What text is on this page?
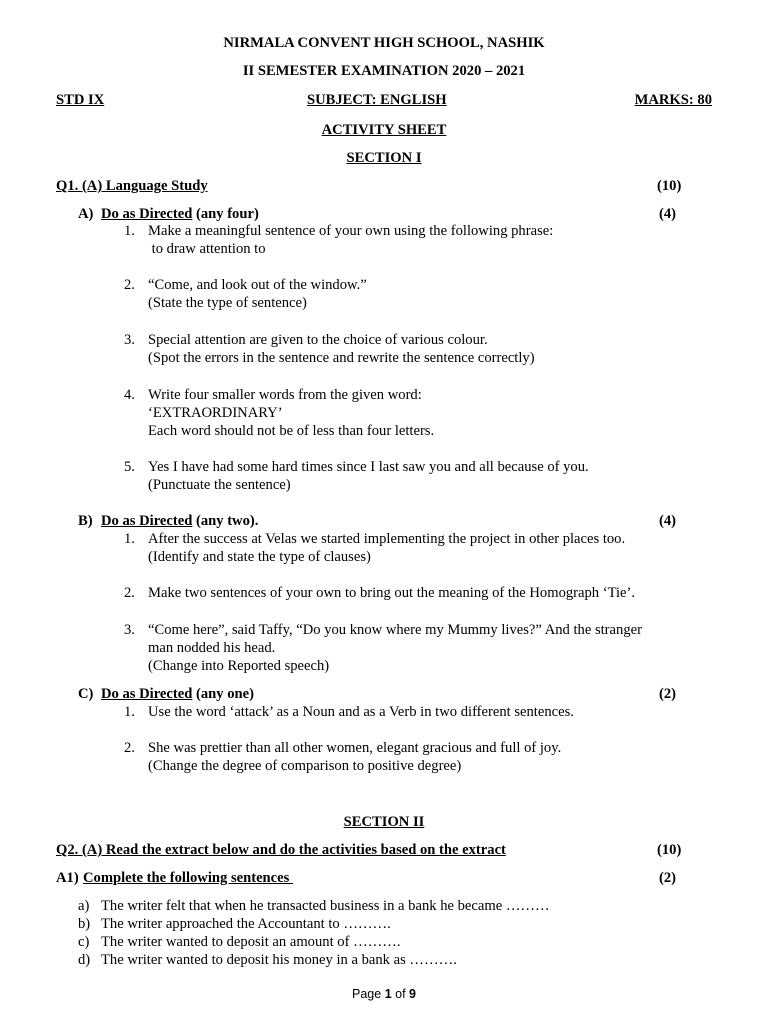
NIRMALA CONVENT HIGH SCHOOL, NASHIK
II SEMESTER EXAMINATION 2020 – 2021
STD IX	SUBJECT: ENGLISH	MARKS: 80
ACTIVITY SHEET
SECTION I
Q1. (A) Language Study	(10)
A) Do as Directed (any four)	(4)
1. Make a meaningful sentence of your own using the following phrase:
to draw attention to
2. “Come, and look out of the window.”
(State the type of sentence)
3. Special attention are given to the choice of various colour.
(Spot the errors in the sentence and rewrite the sentence correctly)
4. Write four smaller words from the given word:
‘EXTRAORDINARY’
Each word should not be of less than four letters.
5. Yes I have had some hard times since I last saw you and all because of you.
(Punctuate the sentence)
B) Do as Directed (any two).	(4)
1. After the success at Velas we started implementing the project in other places too.
(Identify and state the type of clauses)
2. Make two sentences of your own to bring out the meaning of the Homograph ‘Tie’.
3. “Come here”, said Taffy, “Do you know where my Mummy lives?” And the stranger
man nodded his head.
(Change into Reported speech)
C) Do as Directed (any one)	(2)
1. Use the word ‘attack’ as a Noun and as a Verb in two different sentences.
2. She was prettier than all other women, elegant gracious and full of joy.
(Change the degree of comparison to positive degree)
SECTION II
Q2. (A) Read the extract below and do the activities based on the extract	(10)
A1) Complete the following sentences	(2)
a) The writer felt that when he transacted business in a bank he became ………
b) The writer approached the Accountant to ……….
c) The writer wanted to deposit an amount of ……….
d) The writer wanted to deposit his money in a bank as ……….
Page 1 of 9
